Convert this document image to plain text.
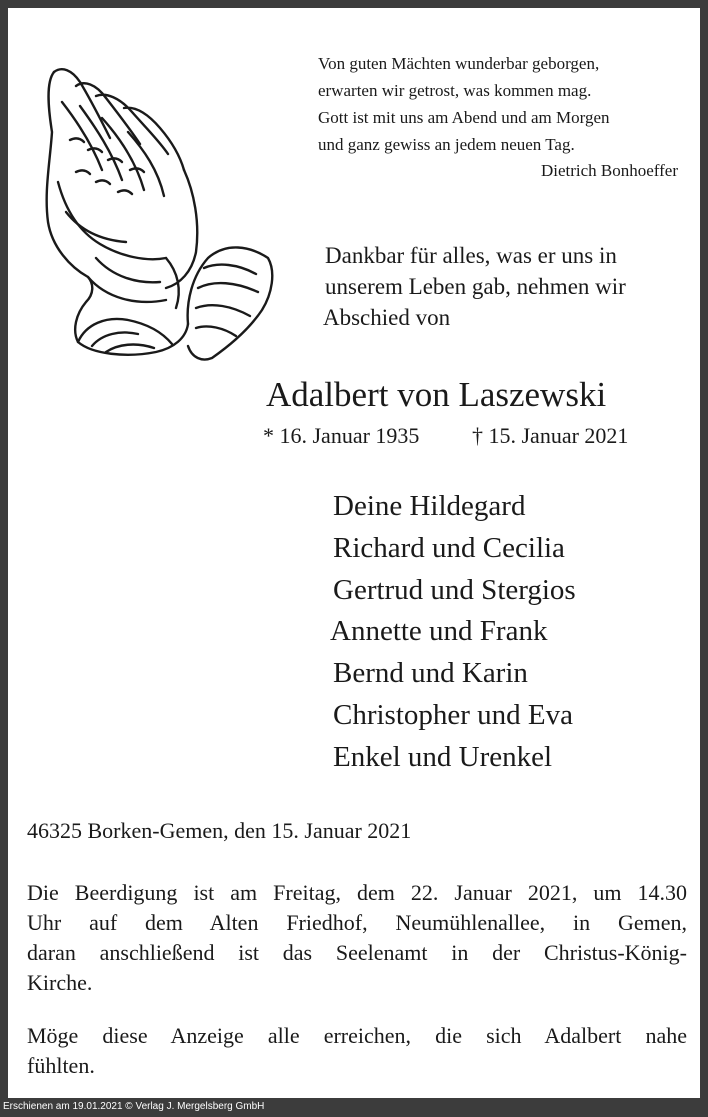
Von guten Mächten wunderbar geborgen,
erwarten wir getrost, was kommen mag.
Gott ist mit uns am Abend und am Morgen
und ganz gewiss an jedem neuen Tag.
Dietrich Bonhoeffer
Dankbar für alles, was er uns in
unserem Leben gab, nehmen wir
Abschied von
Adalbert von Laszewski
* 16. Januar 1935 † 15. Januar 2021
Deine Hildegard
Richard und Cecilia
Gertrud und Stergios
Annette und Frank
Bernd und Karin
Christopher und Eva
Enkel und Urenkel
46325 Borken-Gemen, den 15. Januar 2021
Die Beerdigung ist am Freitag, dem 22. Januar 2021, um 14.30
Uhr auf dem Alten Friedhof, Neumühlenallee, in Gemen,
daran anschließend ist das Seelenamt in der Christus-König-
Kirche.
Möge diese Anzeige alle erreichen, die sich Adalbert nahe
fühlten.
Erschienen am 19.01.2021 © Verlag J. Mergelsberg GmbH
